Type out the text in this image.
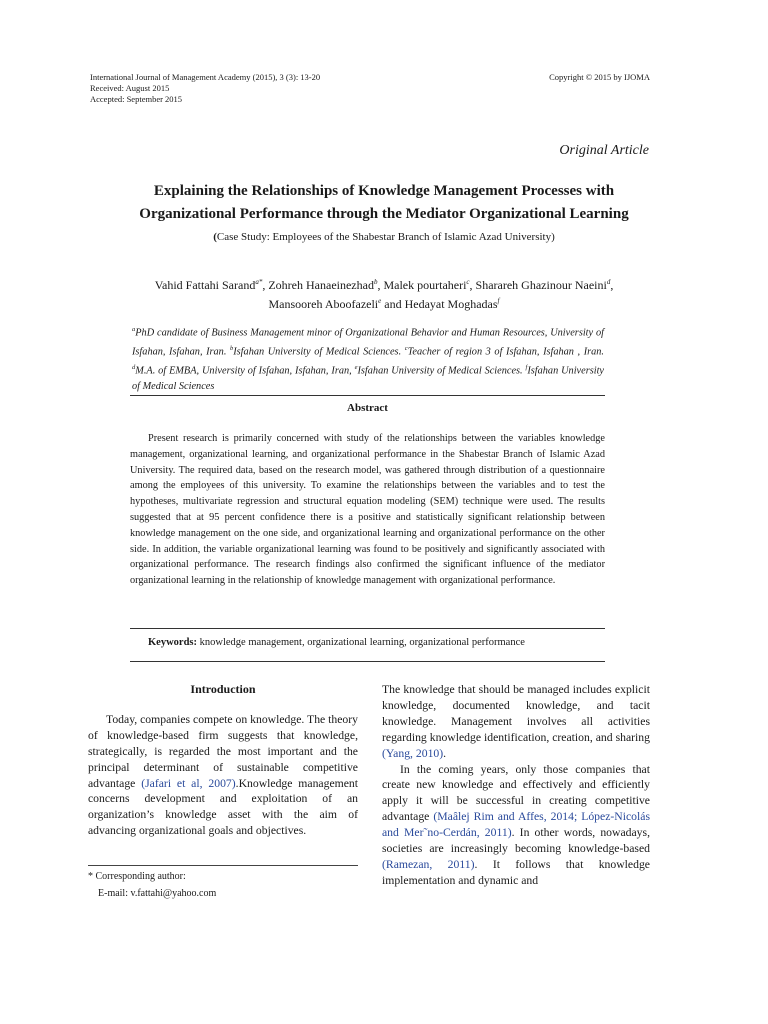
International Journal of Management Academy (2015), 3 (3): 13-20	Copyright © 2015 by IJOMA
Received: August 2015
Accepted: September 2015
Original Article
Explaining the Relationships of Knowledge Management Processes with
Organizational Performance through the Mediator Organizational Learning
(Case Study: Employees of the Shabestar Branch of Islamic Azad University)
Vahid Fattahi Sarand$^{a*}$, Zohreh Hanaeinezhad$^b$, Malek pourtaheri$^c$, Sharareh Ghazinour Naeini$^d$,
Mansooreh Aboofazeli$^e$ and Hedayat Moghadas$^f$
$^a$PhD candidate of Business Management minor of Organizational Behavior and Human Resources, University of Isfahan, Isfahan, Iran. $^b$Isfahan University of Medical Sciences. $^c$Teacher of region 3 of Isfahan, Isfahan , Iran. $^d$M.A. of EMBA, University of Isfahan, Isfahan, Iran, $^e$Isfahan University of Medical Sciences. $^f$Isfahan University of Medical Sciences
Abstract
Present research is primarily concerned with study of the relationships between the variables knowledge management, organizational learning, and organizational performance in the Shabestar Branch of Islamic Azad University. The required data, based on the research model, was gathered through distribution of a questionnaire among the employees of this university. To examine the relationships between the variables and to test the hypotheses, multivariate regression and structural equation modeling (SEM) technique were used. The results suggested that at 95 percent confidence there is a positive and statistically significant relationship between knowledge management on the one side, and organizational learning and organizational performance on the other side. In addition, the variable organizational learning was found to be positively and significantly associated with organizational performance. The research findings also confirmed the significant influence of the mediator organizational learning in the relationship of knowledge management with organizational performance.
Keywords: knowledge management, organizational learning, organizational performance
Introduction

Today, companies compete on knowledge. The theory of knowledge-based firm suggests that knowledge, strategically, is regarded the most important and the principal determinant of sustainable competitive advantage (Jafari et al, 2007).Knowledge management concerns development and exploitation of an organization’s knowledge asset with the aim of advancing organizational goals and objectives.

* Corresponding author:
E-mail: v.fattahi@yahoo.com

The knowledge that should be managed includes explicit knowledge, documented knowledge, and tacit knowledge. Management involves all activities regarding knowledge identification, creation, and sharing (Yang, 2010).

In the coming years, only those companies that create new knowledge and effectively and efficiently apply it will be successful in creating competitive advantage (Maâlej Rim and Affes, 2014; López-Nicolás and Mer˜no-Cerdán, 2011). In other words, nowadays, societies are increasingly becoming knowledge-based (Ramezan, 2011). It follows that knowledge implementation and dynamic and
